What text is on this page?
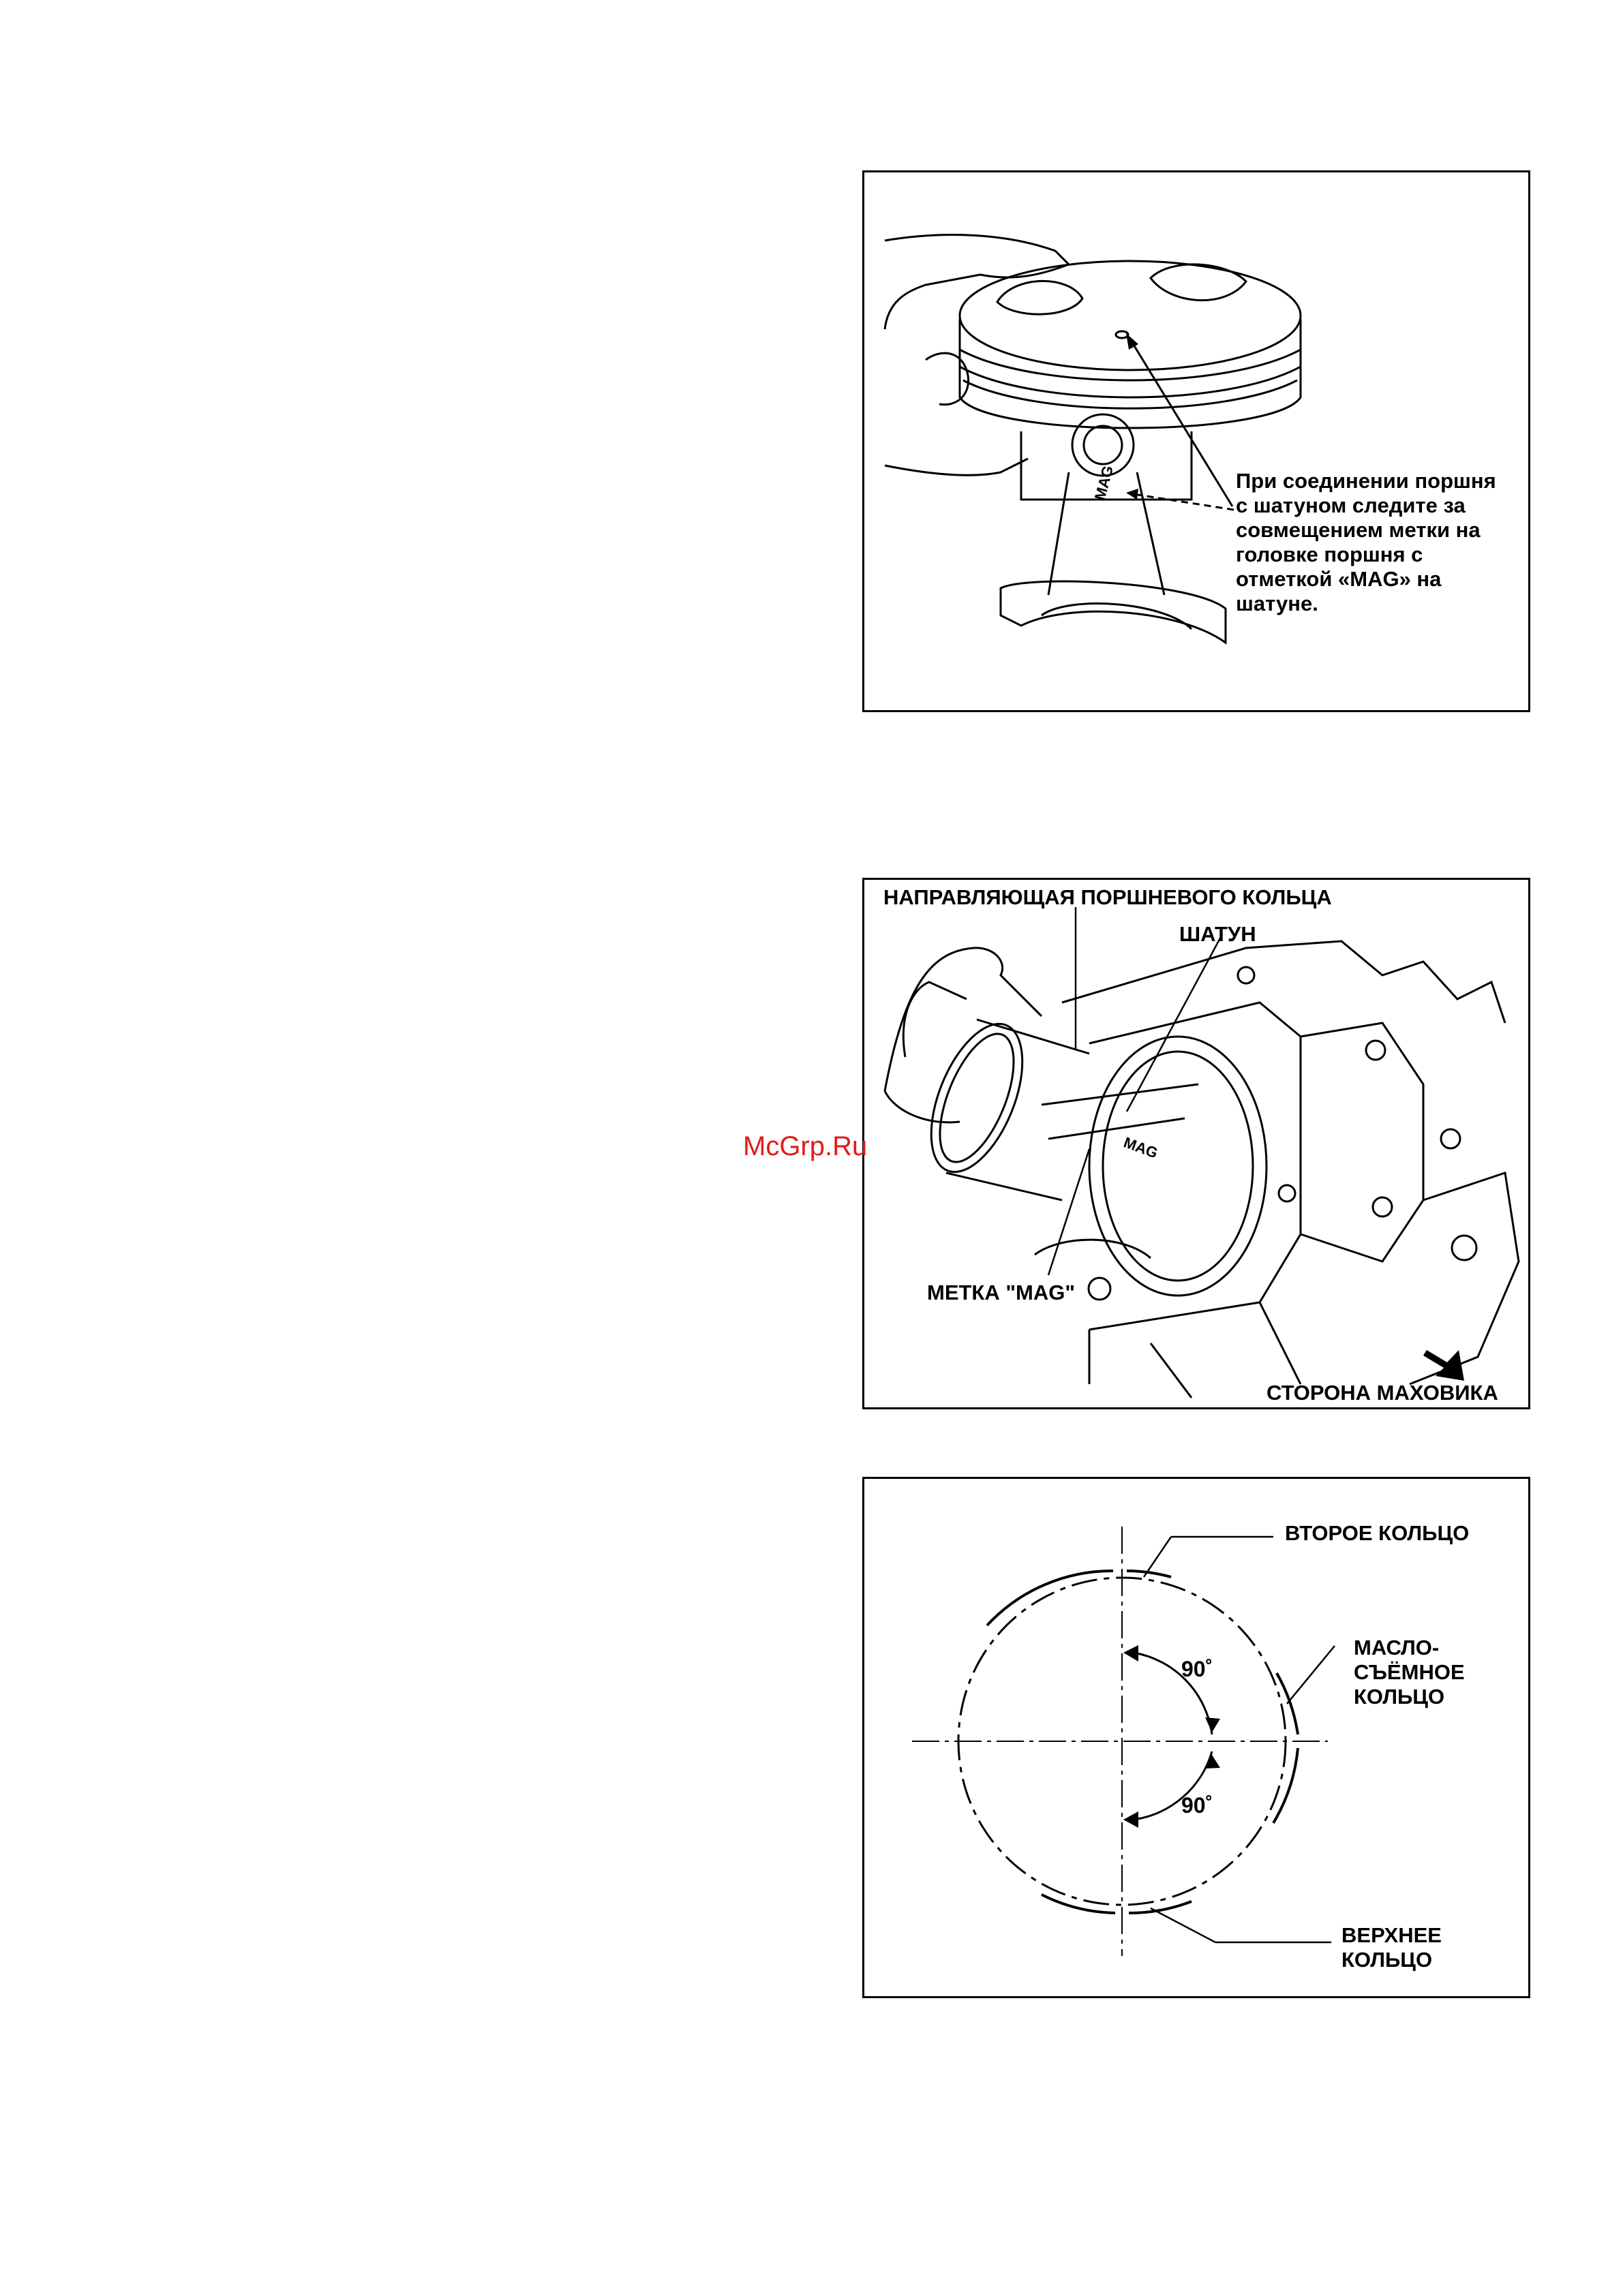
MAG	При соединении поршня
с шатуном следите за
совмещением метки на
головке поршня с
отметкой «MAG» на
шатуне.
MAG
НАПРАВЛЯЮЩАЯ ПОРШНЕВОГО КОЛЬЦА
ШАТУН
МЕТКА "MAG"
СТОРОНА МАХОВИКА
90˚
90˚
ВТОРОЕ КОЛЬЦО
МАСЛО-
СЪЁМНОЕ
КОЛЬЦО
ВЕРХНЕЕ
КОЛЬЦО
McGrp.Ru
